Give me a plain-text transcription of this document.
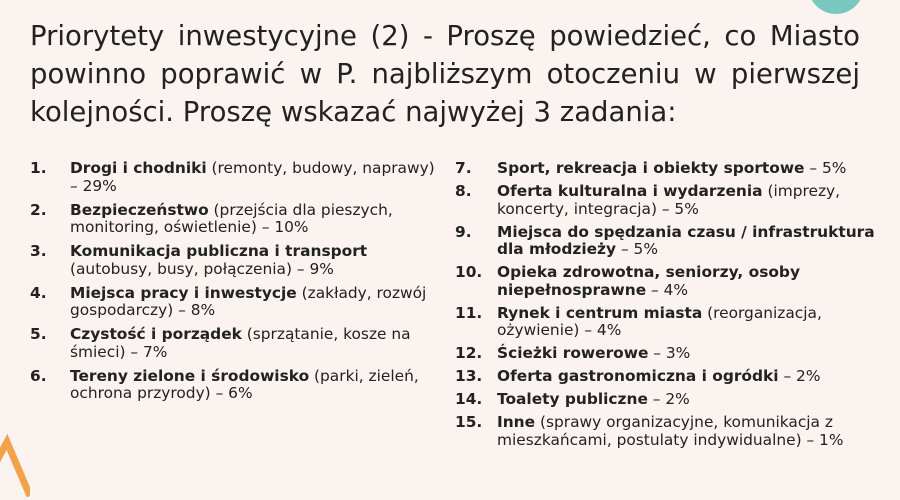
Priorytety inwestycyjne (2) - Proszę powiedzieć, co Miasto powinno poprawić w P. najbliższym otoczeniu w pierwszej kolejności. Proszę wskazać najwyżej 3 zadania:
1.	Drogi i chodniki (remonty, budowy, naprawy) – 29%
2.	Bezpieczeństwo (przejścia dla pieszych, monitoring, oświetlenie) – 10%
3.	Komunikacja publiczna i transport (autobusy, busy, połączenia) – 9%
4.	Miejsca pracy i inwestycje (zakłady, rozwój gospodarczy) – 8%
5.	Czystość i porządek (sprzątanie, kosze na śmieci) – 7%
6.	Tereny zielone i środowisko (parki, zieleń, ochrona przyrody) – 6%
7.	Sport, rekreacja i obiekty sportowe – 5%
8.	Oferta kulturalna i wydarzenia (imprezy, koncerty, integracja) – 5%
9.	Miejsca do spędzania czasu / infrastruktura dla młodzieży – 5%
10. Opieka zdrowotna, seniorzy, osoby niepełnosprawne – 4%
11. Rynek i centrum miasta (reorganizacja, ożywienie) – 4%
12. Ścieżki rowerowe – 3%
13. Oferta gastronomiczna i ogródki – 2%
14. Toalety publiczne – 2%
15. Inne (sprawy organizacyjne, komunikacja z mieszkańcami, postulaty indywidualne) – 1%
